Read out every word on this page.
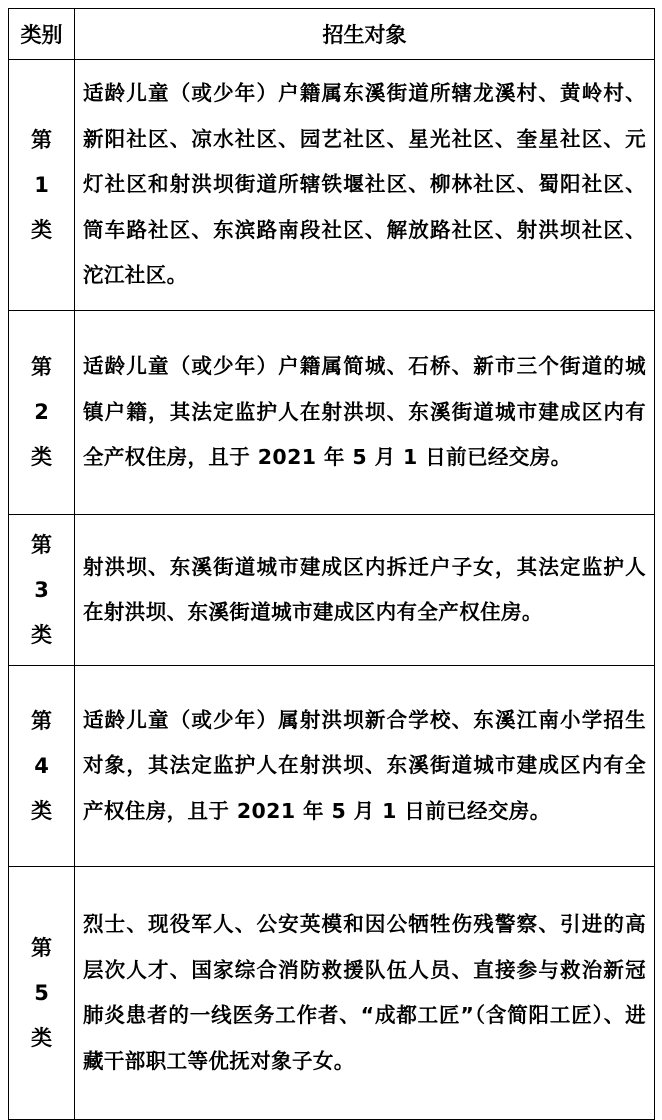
类别	招生对象

第
1
类	适龄儿童（或少年）户籍属东溪街道所辖龙溪村、黄岭村、新阳社区、凉水社区、园艺社区、星光社区、奎星社区、元灯社区和射洪坝街道所辖铁堰社区、柳林社区、蜀阳社区、筒车路社区、东滨路南段社区、解放路社区、射洪坝社区、沱江社区。

第
2
类	适龄儿童（或少年）户籍属简城、石桥、新市三个街道的城镇户籍，其法定监护人在射洪坝、东溪街道城市建成区内有全产权住房，且于 2021 年 5 月 1 日前已经交房。

第
3
类	射洪坝、东溪街道城市建成区内拆迁户子女，其法定监护人在射洪坝、东溪街道城市建成区内有全产权住房。

第
4
类	适龄儿童（或少年）属射洪坝新合学校、东溪江南小学招生对象，其法定监护人在射洪坝、东溪街道城市建成区内有全产权住房，且于 2021 年 5 月 1 日前已经交房。

第
5
类	烈士、现役军人、公安英模和因公牺牲伤残警察、引进的高层次人才、国家综合消防救援队伍人员、直接参与救治新冠肺炎患者的一线医务工作者、“成都工匠”（含简阳工匠）、进藏干部职工等优抚对象子女。
